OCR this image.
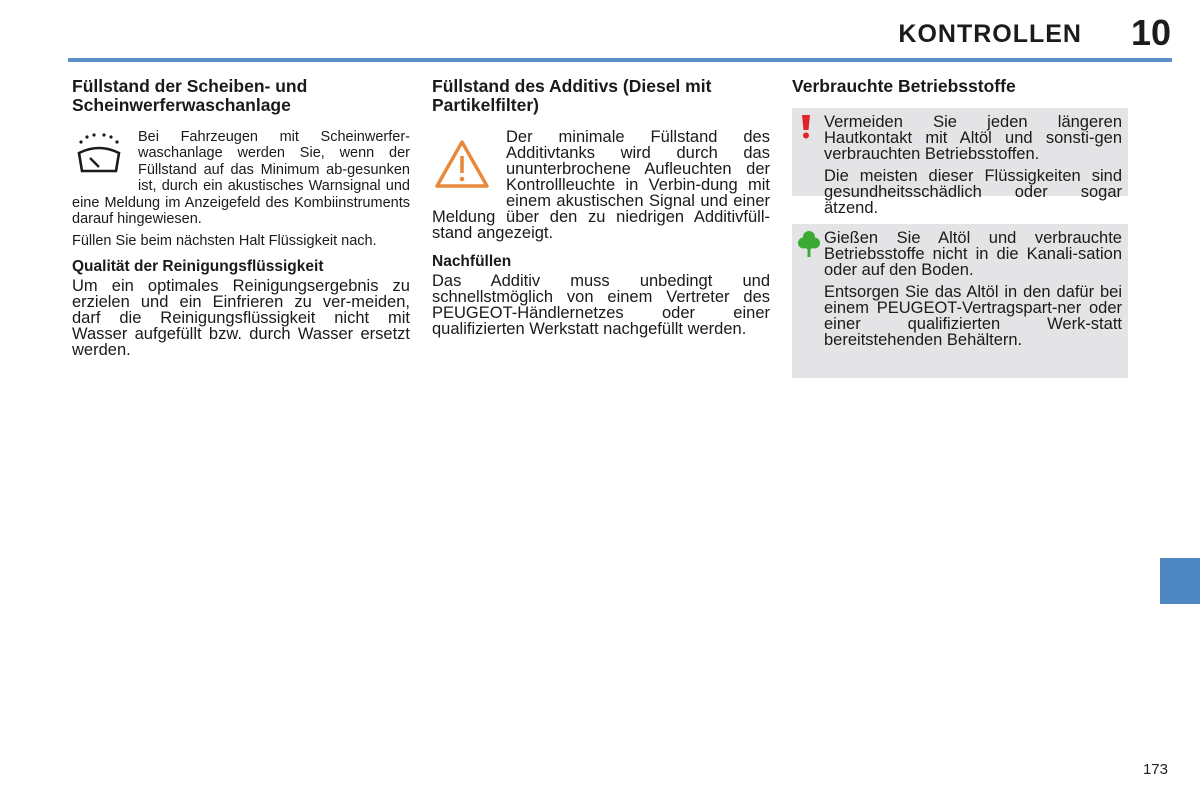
KONTROLLEN 10
Füllstand der Scheiben- und Scheinwerferwaschanlage

Bei Fahrzeugen mit Scheinwerfer-waschanlage werden Sie, wenn der Füllstand auf das Minimum ab-gesunken ist, durch ein akustisches Warnsignal und eine Meldung im Anzeigefeld des Kombiinstruments darauf hingewiesen.

Füllen Sie beim nächsten Halt Flüssigkeit nach.

Qualität der Reinigungsflüssigkeit

Um ein optimales Reinigungsergebnis zu erzielen und ein Einfrieren zu ver-meiden, darf die Reinigungsflüssigkeit nicht mit Wasser aufgefüllt bzw. durch Wasser ersetzt werden.

Füllstand des Additivs (Diesel mit Partikelfilter)

Der minimale Füllstand des Additivtanks wird durch das ununterbrochene Aufleuchten der Kontrollleuchte in Verbin-dung mit einem akustischen Signal und einer Meldung über den zu niedrigen Additivfüll-stand angezeigt.

Nachfüllen

Das Additiv muss unbedingt und schnellstmöglich von einem Vertreter des PEUGEOT-Händlernetzes oder einer qualifizierten Werkstatt nachgefüllt werden.

Verbrauchte Betriebsstoffe

Vermeiden Sie jeden längeren Hautkontakt mit Altöl und sonsti-gen verbrauchten Betriebsstoffen.

Die meisten dieser Flüssigkeiten sind gesundheitsschädlich oder sogar ätzend.

Gießen Sie Altöl und verbrauchte Betriebsstoffe nicht in die Kanali-sation oder auf den Boden.

Entsorgen Sie das Altöl in den dafür bei einem PEUGEOT-Vertragspart-ner oder einer qualifizierten Werk-statt bereitstehenden Behältern.

173
